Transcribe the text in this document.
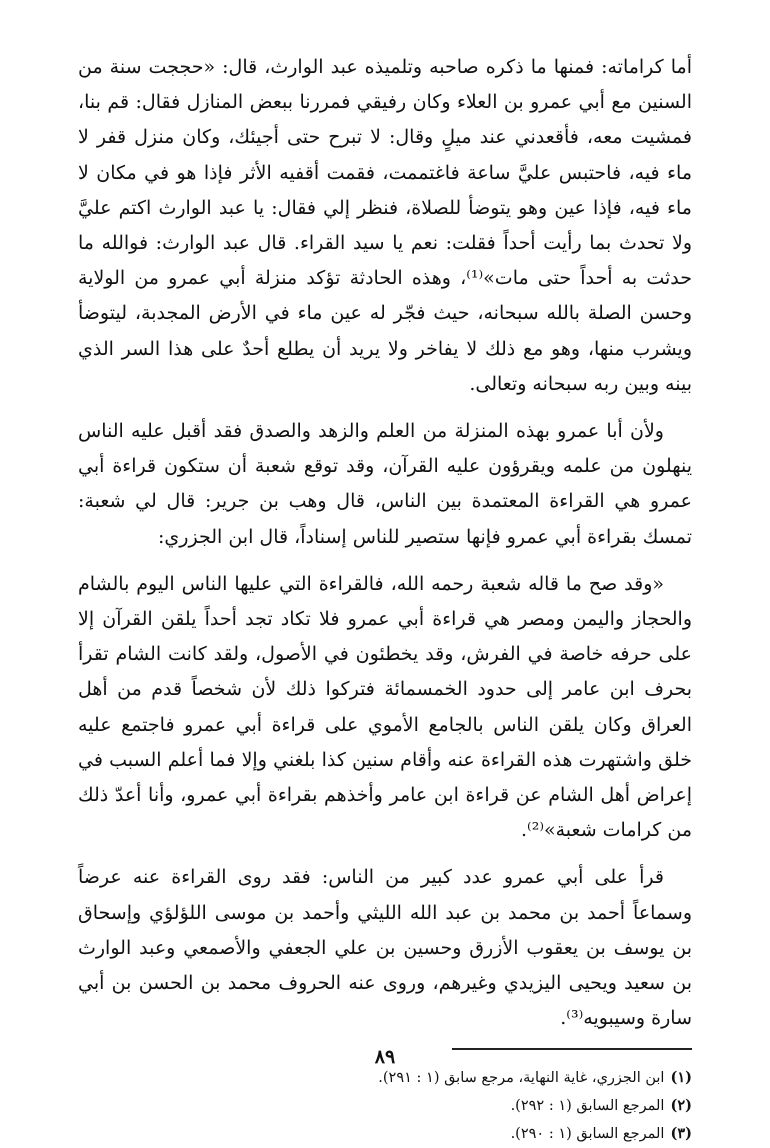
أما كراماته: فمنها ما ذكره صاحبه وتلميذه عبد الوارث، قال: «حججت سنة من السنين مع أبي عمرو بن العلاء وكان رفيقي فمررنا ببعض المنازل فقال: قم بنا، فمشيت معه، فأقعدني عند ميلٍ وقال: لا تبرح حتى أجيئك، وكان منزل قفر لا ماء فيه، فاحتبس عليَّ ساعة فاغتممت، فقمت أقفيه الأثر فإذا هو في مكان لا ماء فيه، فإذا عين وهو يتوضأ للصلاة، فنظر إلي فقال: يا عبد الوارث اكتم عليَّ ولا تحدث بما رأيت أحداً فقلت: نعم يا سيد القراء. قال عبد الوارث: فوالله ما حدثت به أحداً حتى مات»⁽¹⁾، وهذه الحادثة تؤكد منزلة أبي عمرو من الولاية وحسن الصلة بالله سبحانه، حيث فجّر له عين ماء في الأرض المجدبة، ليتوضأ ويشرب منها، وهو مع ذلك لا يفاخر ولا يريد أن يطلع أحدٌ على هذا السر الذي بينه وبين ربه سبحانه وتعالى.

ولأن أبا عمرو بهذه المنزلة من العلم والزهد والصدق فقد أقبل عليه الناس ينهلون من علمه ويقرؤون عليه القرآن، وقد توقع شعبة أن ستكون قراءة أبي عمرو هي القراءة المعتمدة بين الناس، قال وهب بن جرير: قال لي شعبة: تمسك بقراءة أبي عمرو فإنها ستصير للناس إسناداً، قال ابن الجزري:

«وقد صح ما قاله شعبة رحمه الله، فالقراءة التي عليها الناس اليوم بالشام والحجاز واليمن ومصر هي قراءة أبي عمرو فلا تكاد تجد أحداً يلقن القرآن إلا على حرفه خاصة في الفرش، وقد يخطئون في الأصول، ولقد كانت الشام تقرأ بحرف ابن عامر إلى حدود الخمسمائة فتركوا ذلك لأن شخصاً قدم من أهل العراق وكان يلقن الناس بالجامع الأموي على قراءة أبي عمرو فاجتمع عليه خلق واشتهرت هذه القراءة عنه وأقام سنين كذا بلغني وإلا فما أعلم السبب في إعراض أهل الشام عن قراءة ابن عامر وأخذهم بقراءة أبي عمرو، وأنا أعدّ ذلك من كرامات شعبة»⁽²⁾.

قرأ على أبي عمرو عدد كبير من الناس: فقد روى القراءة عنه عرضاً وسماعاً أحمد بن محمد بن عبد الله الليثي وأحمد بن موسى اللؤلؤي وإسحاق بن يوسف بن يعقوب الأزرق وحسين بن علي الجعفي والأصمعي وعبد الوارث بن سعيد ويحيى اليزيدي وغيرهم، وروى عنه الحروف محمد بن الحسن بن أبي سارة وسيبويه⁽³⁾.

(١)
ابن الجزري، غاية النهاية، مرجع سابق (١ : ٢٩١).
(٢)
المرجع السابق (١ : ٢٩٢).
(٣)
المرجع السابق (١ : ٢٩٠).
٨٩
